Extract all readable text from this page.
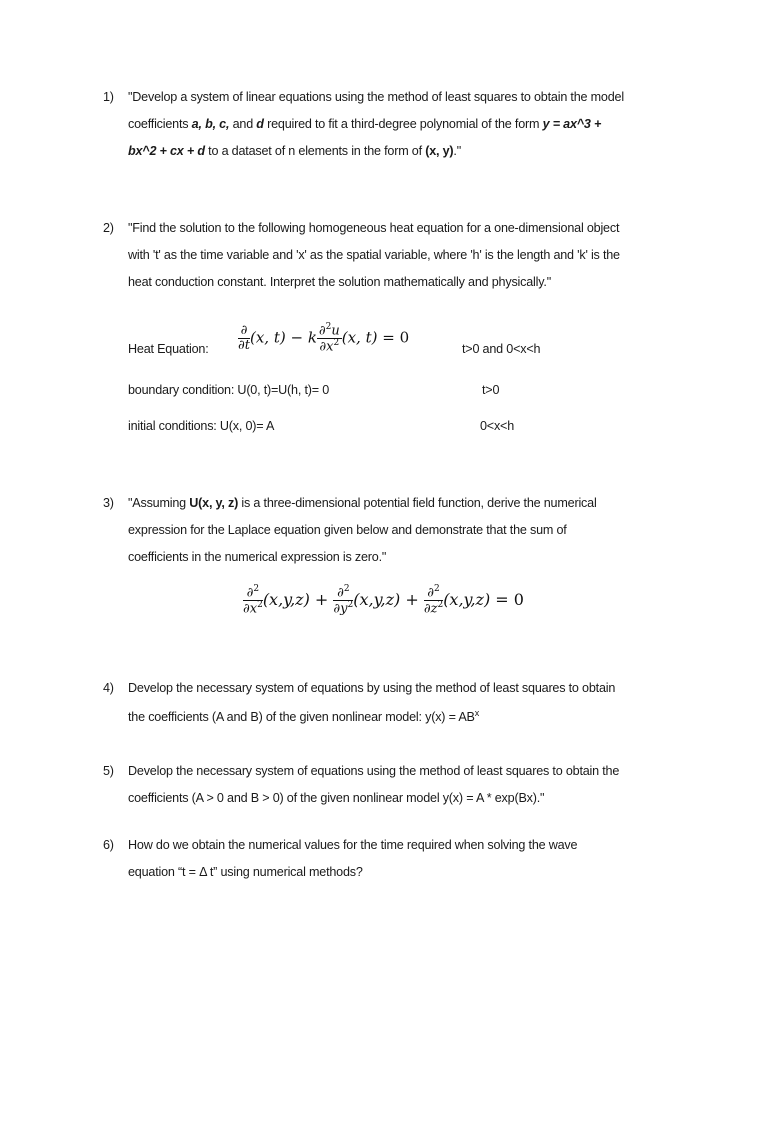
1) "Develop a system of linear equations using the method of least squares to obtain the model
coefficients a, b, c, and d required to fit a third-degree polynomial of the form y = ax^3 +
bx^2 + cx + d to a dataset of n elements in the form of (x, y)."
2) "Find the solution to the following homogeneous heat equation for a one-dimensional object
with 't' as the time variable and 'x' as the spatial variable, where 'h' is the length and 'k' is the
heat conduction constant. Interpret the solution mathematically and physically."
Heat Equation: $\frac{\partial}{\partial t} (x$, t) − k $\frac{\partial^2u}{\partial x^2} (x$, t) = 0
t>0 and 0<x<h
boundary condition: U(0, t)=U(h, t)= 0	t>0
initial conditions: U(x, 0)= A	0<x<h
3) "Assuming U(x, y, z) is a three-dimensional potential field function, derive the numerical
expression for the Laplace equation given below and demonstrate that the sum of
coefficients in the numerical expression is zero."
$\frac{\partial^2}{\partial x^2} (x,y,z) + \frac{\partial^2}{\partial y^2} (x,y,z) + \frac{\partial^2}{\partial z^2} (x,y,z) = 0$
4) Develop the necessary system of equations by using the method of least squares to obtain
the coefficients (A and B) of the given nonlinear model: $y(x) = AB^x$
5) Develop the necessary system of equations using the method of least squares to obtain the
coefficients (A > 0 and B > 0) of the given nonlinear model y(x) = A * exp(Bx)."
6) How do we obtain the numerical values for the time required when solving the wave
equation “t = Δ t” using numerical methods?
